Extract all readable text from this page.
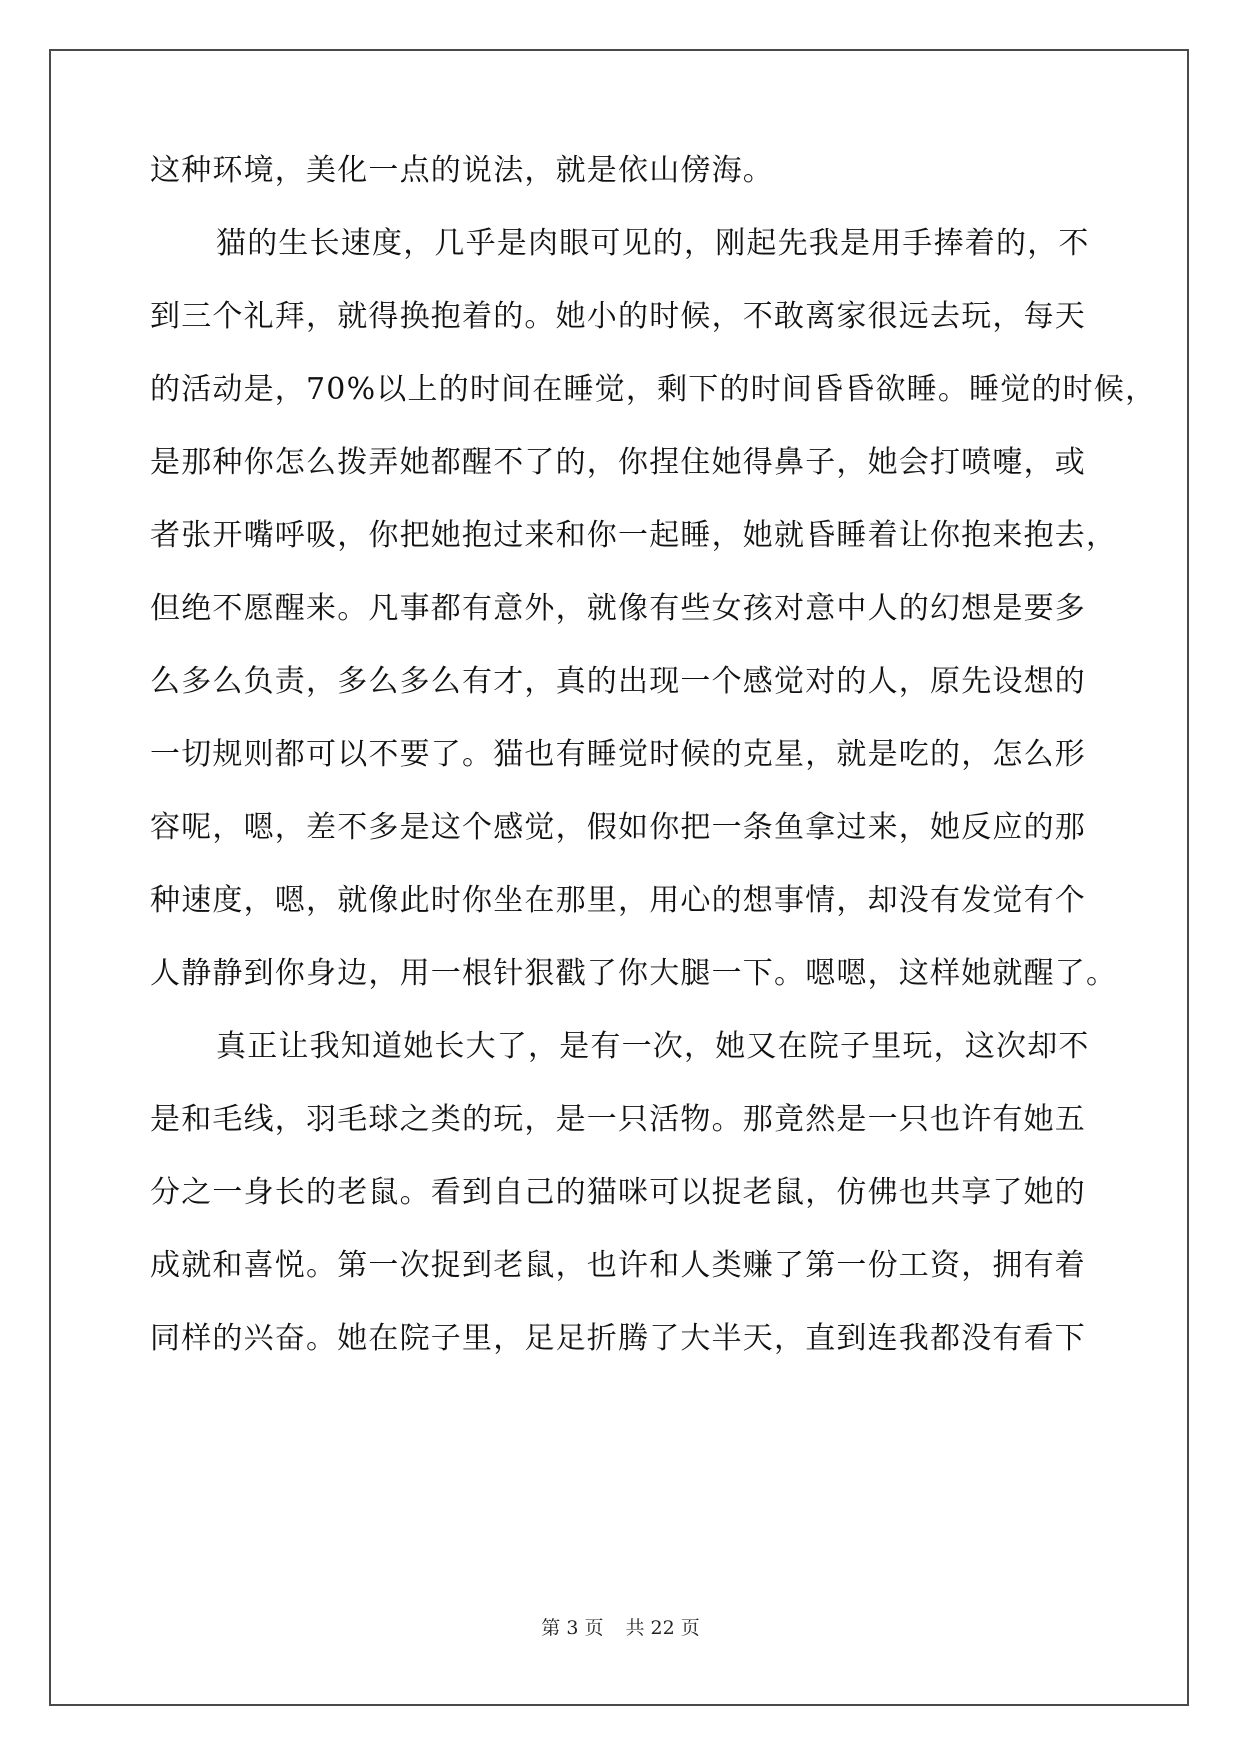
这种环境，美化一点的说法，就是依山傍海。
猫的生长速度，几乎是肉眼可见的，刚起先我是用手捧着的，不
到三个礼拜，就得换抱着的。她小的时候，不敢离家很远去玩，每天
的活动是，70%以上的时间在睡觉，剩下的时间昏昏欲睡。睡觉的时候，
是那种你怎么拨弄她都醒不了的，你捏住她得鼻子，她会打喷嚏，或
者张开嘴呼吸，你把她抱过来和你一起睡，她就昏睡着让你抱来抱去，
但绝不愿醒来。凡事都有意外，就像有些女孩对意中人的幻想是要多
么多么负责，多么多么有才，真的出现一个感觉对的人，原先设想的
一切规则都可以不要了。猫也有睡觉时候的克星，就是吃的，怎么形
容呢，嗯，差不多是这个感觉，假如你把一条鱼拿过来，她反应的那
种速度，嗯，就像此时你坐在那里，用心的想事情，却没有发觉有个
人静静到你身边，用一根针狠戳了你大腿一下。嗯嗯，这样她就醒了。
真正让我知道她长大了，是有一次，她又在院子里玩，这次却不
是和毛线，羽毛球之类的玩，是一只活物。那竟然是一只也许有她五
分之一身长的老鼠。看到自己的猫咪可以捉老鼠，仿佛也共享了她的
成就和喜悦。第一次捉到老鼠，也许和人类赚了第一份工资，拥有着
同样的兴奋。她在院子里，足足折腾了大半天，直到连我都没有看下
第 3 页 共 22 页
